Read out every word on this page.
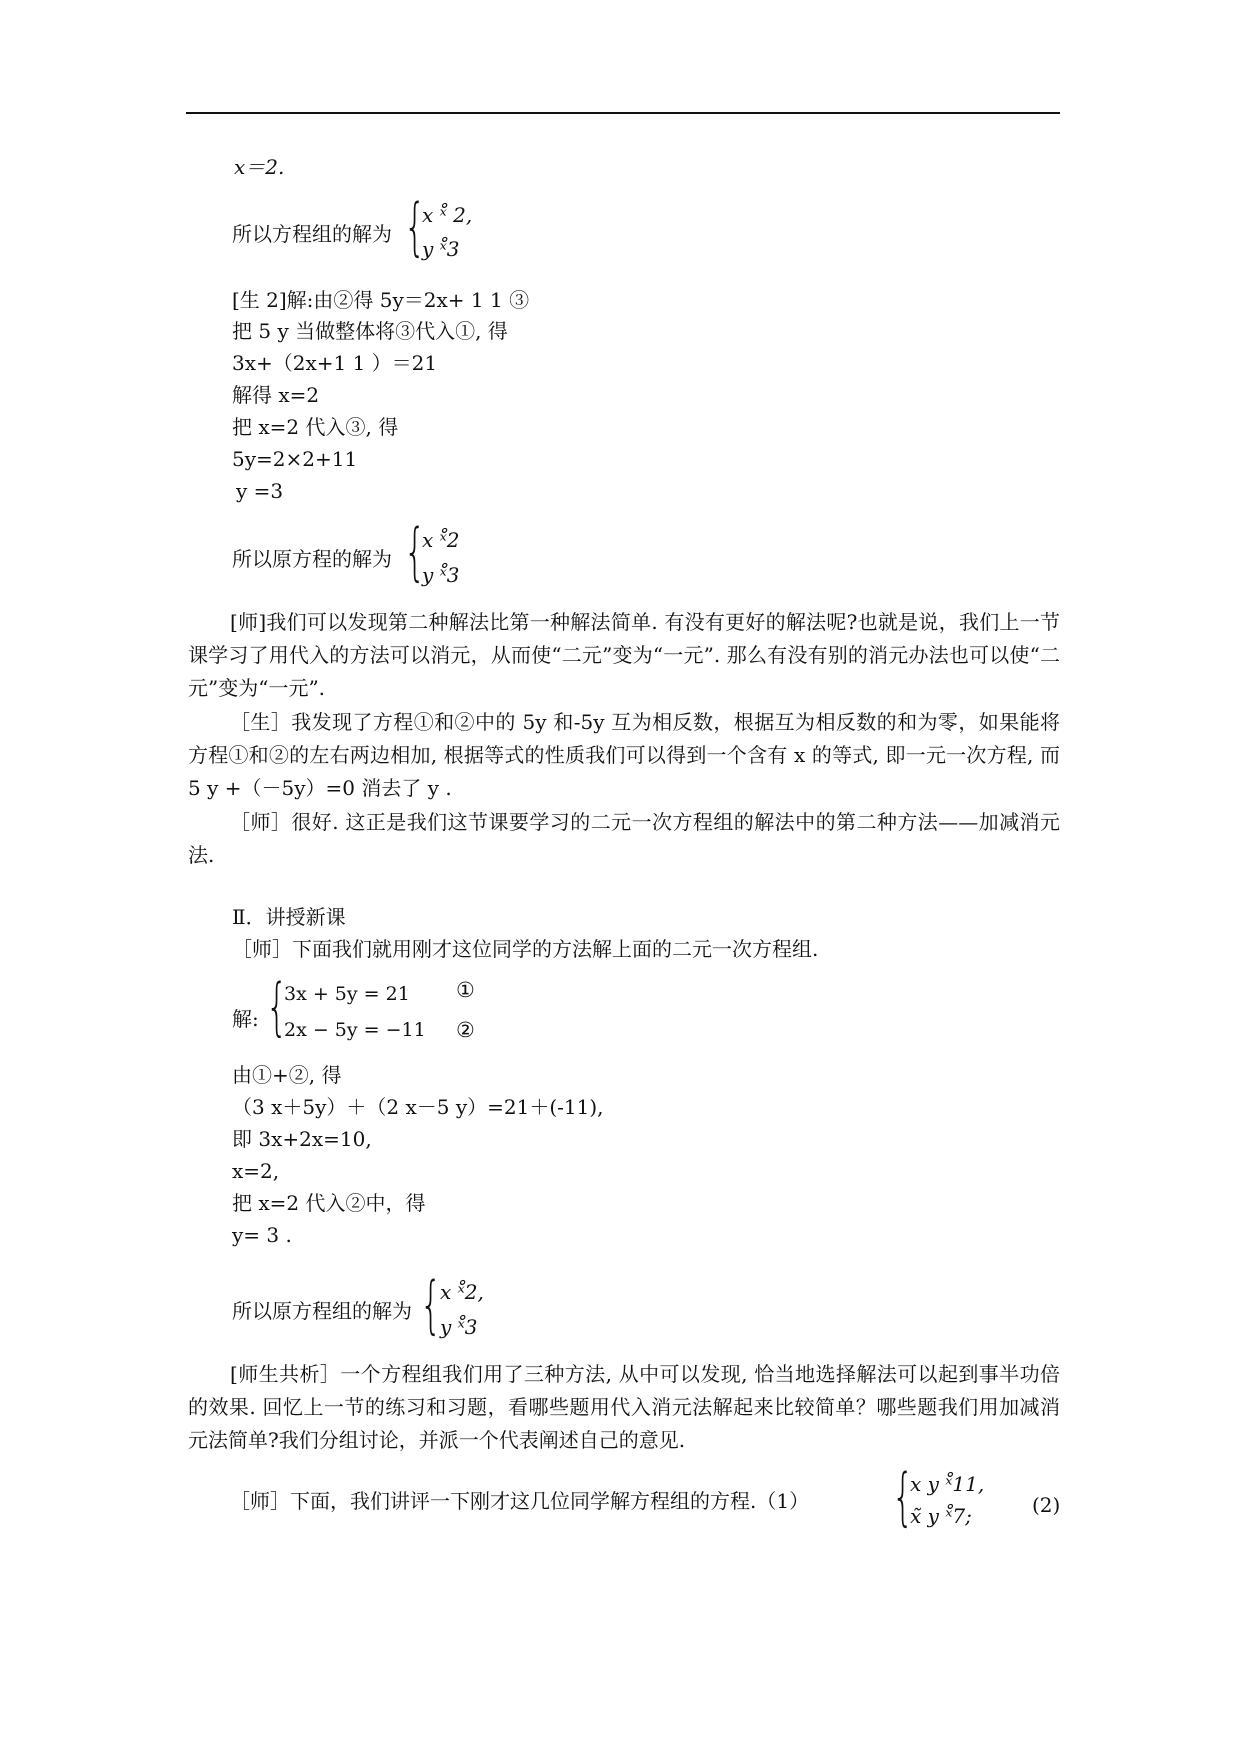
x＝2.
所以方程组的解为 {
x ˣ̊ 2,
y ˣ̊3
[生 2]解:由②得 5y＝2x+ 1 1 ③
把 5 y 当做整体将③代入①, 得
3x+（2x+1 1 ）＝21
解得 x=2
把 x=2 代入③, 得
5y=2×2+11
y =3
所以原方程的解为 {
x ˣ̊2
y ˣ̊3
[师]我们可以发现第二种解法比第一种解法简单. 有没有更好的解法呢?也就是说，我们上一节课学习了用代入的方法可以消元，从而使“二元”变为“一元”. 那么有没有别的消元办法也可以使“二元”变为“一元”.
［生］我发现了方程①和②中的 5y 和-5y 互为相反数，根据互为相反数的和为零，如果能将方程①和②的左右两边相加, 根据等式的性质我们可以得到一个含有 x 的等式, 即一元一次方程, 而 5 y +（－5y）=0 消去了 y .
［师］很好. 这正是我们这节课要学习的二元一次方程组的解法中的第二种方法——加减消元法.
Ⅱ．讲授新课
［师］下面我们就用刚才这位同学的方法解上面的二元一次方程组.
解: {
3x + 5y = 21
2x − 5y = −11
①
②
由①+②, 得
（3 x＋5y）＋（2 x－5 y）=21＋(-11),
即 3x+2x=10,
x=2,
把 x=2 代入②中，得
y= 3 .
所以原方程组的解为 {
x ˣ̊2,
y ˣ̊3
[师生共析］一个方程组我们用了三种方法, 从中可以发现, 恰当地选择解法可以起到事半功倍的效果. 回忆上一节的练习和习题，看哪些题用代入消元法解起来比较简单？哪些题我们用加减消元法简单?我们分组讨论，并派一个代表阐述自己的意见.
［师］下面，我们讲评一下刚才这几位同学解方程组的方程.（1） {
x y ˣ̊11,
x̃ y ˣ̊7;	(2)
